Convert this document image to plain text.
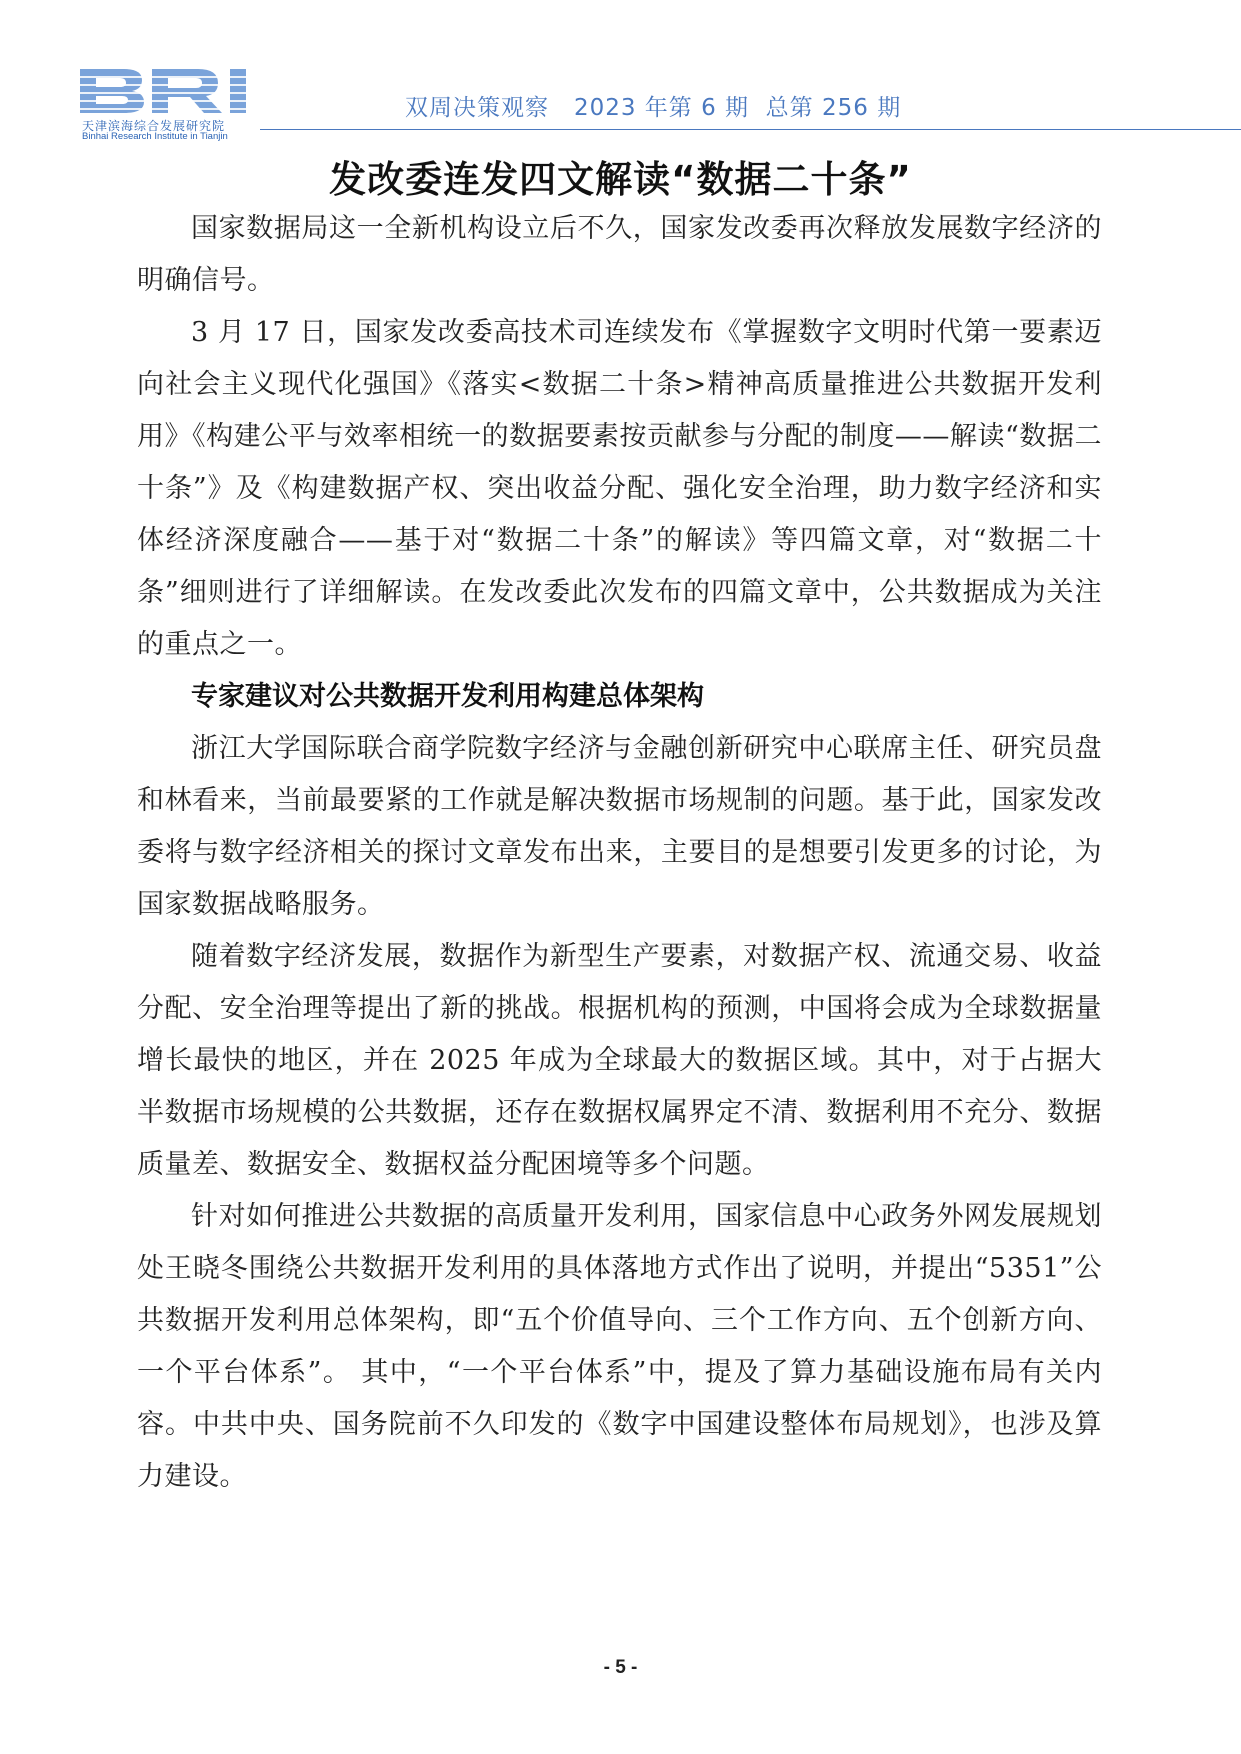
天津滨海综合发展研究院
Binhai Research Institute in Tianjin
双周决策观察 2023 年第 6 期 总第 256 期
发改委连发四文解读“数据二十条”

国家数据局这一全新机构设立后不久，国家发改委再次释放发展数字经济的明确信号。

3 月 17 日，国家发改委高技术司连续发布《掌握数字文明时代第一要素迈向社会主义现代化强国》《落实<数据二十条>精神高质量推进公共数据开发利用》《构建公平与效率相统一的数据要素按贡献参与分配的制度——解读“数据二十条”》及《构建数据产权、突出收益分配、强化安全治理，助力数字经济和实体经济深度融合——基于对“数据二十条”的解读》等四篇文章，对“数据二十条”细则进行了详细解读。在发改委此次发布的四篇文章中，公共数据成为关注的重点之一。

专家建议对公共数据开发利用构建总体架构

浙江大学国际联合商学院数字经济与金融创新研究中心联席主任、研究员盘和林看来，当前最要紧的工作就是解决数据市场规制的问题。基于此，国家发改委将与数字经济相关的探讨文章发布出来，主要目的是想要引发更多的讨论，为国家数据战略服务。

随着数字经济发展，数据作为新型生产要素，对数据产权、流通交易、收益分配、安全治理等提出了新的挑战。根据机构的预测，中国将会成为全球数据量增长最快的地区，并在 2025 年成为全球最大的数据区域。其中，对于占据大半数据市场规模的公共数据，还存在数据权属界定不清、数据利用不充分、数据质量差、数据安全、数据权益分配困境等多个问题。

针对如何推进公共数据的高质量开发利用，国家信息中心政务外网发展规划处王晓冬围绕公共数据开发利用的具体落地方式作出了说明，并提出“5351”公共数据开发利用总体架构，即“五个价值导向、三个工作方向、五个创新方向、一个平台体系”。 其中，“一个平台体系”中，提及了算力基础设施布局有关内容。中共中央、国务院前不久印发的《数字中国建设整体布局规划》，也涉及算力建设。

- 5 -
